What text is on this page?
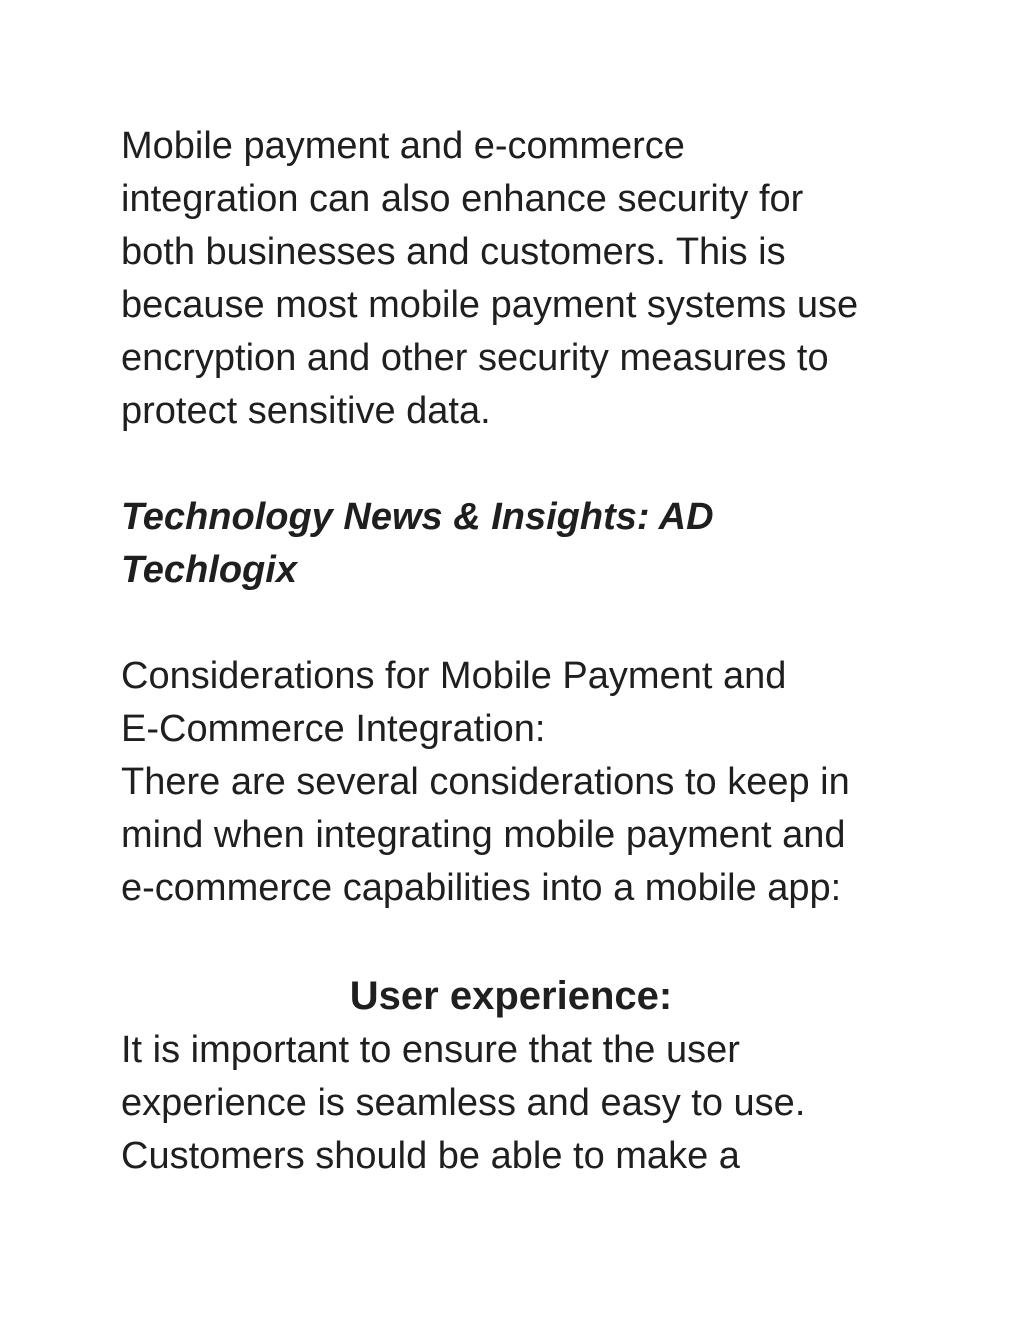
Mobile payment and e-commerce
integration can also enhance security for
both businesses and customers. This is
because most mobile payment systems use
encryption and other security measures to
protect sensitive data.

Technology News & Insights: AD
Techlogix

Considerations for Mobile Payment and
E-Commerce Integration:

There are several considerations to keep in
mind when integrating mobile payment and
e-commerce capabilities into a mobile app:

User experience:

It is important to ensure that the user
experience is seamless and easy to use.
Customers should be able to make a
